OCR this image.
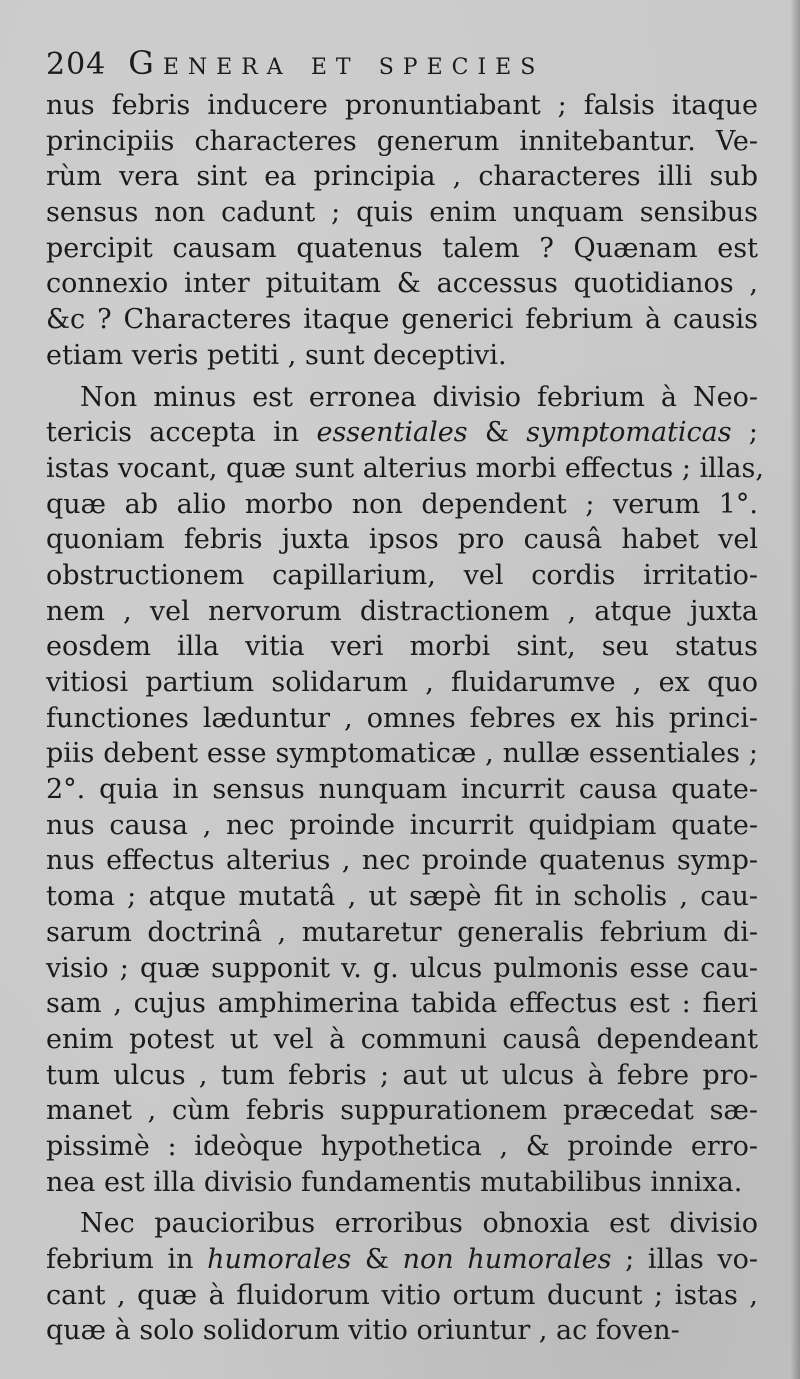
204 Genera et species
nus febris inducere pronuntiabant ; falsis itaque
principiis characteres generum innitebantur. Ve-
rùm vera sint ea principia , characteres illi sub
sensus non cadunt ; quis enim unquam sensibus
percipit causam quatenus talem ? Quænam est
connexio inter pituitam & accessus quotidianos ,
&c ? Characteres itaque generici febrium à causis
etiam veris petiti , sunt deceptivi.
Non minus est erronea divisio febrium à Neo-
tericis accepta in essentiales & symptomaticas ;
istas vocant, quæ sunt alterius morbi effectus ; illas,
quæ ab alio morbo non dependent ; verum 1°.
quoniam febris juxta ipsos pro causâ habet vel
obstructionem capillarium, vel cordis irritatio-
nem , vel nervorum distractionem , atque juxta
eosdem illa vitia veri morbi sint, seu status
vitiosi partium solidarum , fluidarumve , ex quo
functiones læduntur , omnes febres ex his princi-
piis debent esse symptomaticæ , nullæ essentiales ;
2°. quia in sensus nunquam incurrit causa quate-
nus causa , nec proinde incurrit quidpiam quate-
nus effectus alterius , nec proinde quatenus symp-
toma ; atque mutatâ , ut sæpè fit in scholis , cau-
sarum doctrinâ , mutaretur generalis febrium di-
visio ; quæ supponit v. g. ulcus pulmonis esse cau-
sam , cujus amphimerina tabida effectus est : fieri
enim potest ut vel à communi causâ dependeant
tum ulcus , tum febris ; aut ut ulcus à febre pro-
manet , cùm febris suppurationem præcedat sæ-
pissimè : ideòque hypothetica , & proinde erro-
nea est illa divisio fundamentis mutabilibus innixa.
Nec paucioribus erroribus obnoxia est divisio
febrium in humorales & non humorales ; illas vo-
cant , quæ à fluidorum vitio ortum ducunt ; istas ,
quæ à solo solidorum vitio oriuntur , ac foven-
